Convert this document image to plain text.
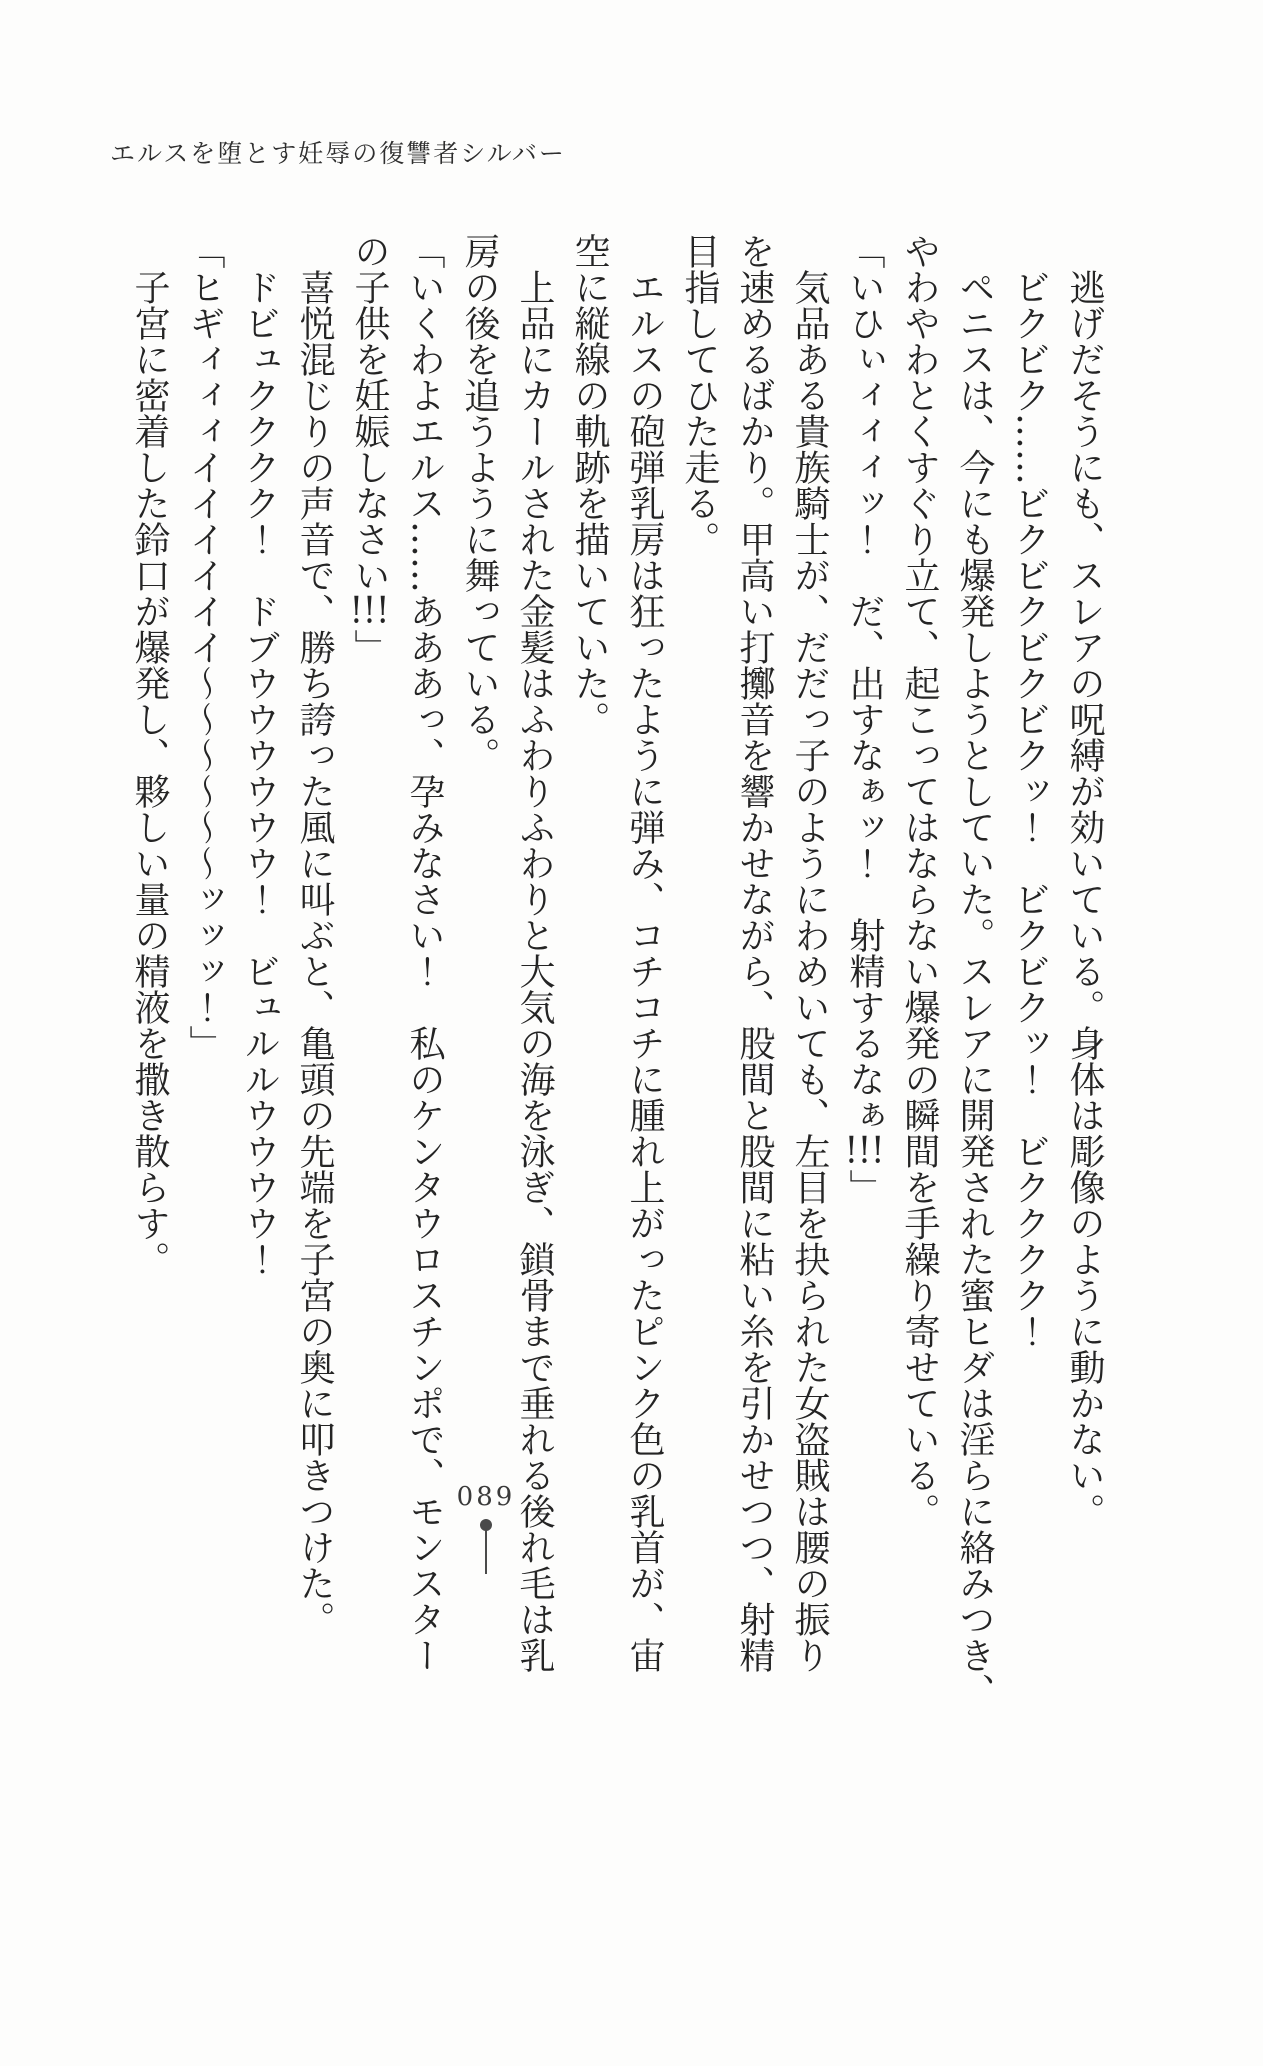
エルスを堕とす妊辱の復讐者シルバー
　逃げだそうにも、スレアの呪縛が効いている。身体は彫像のように動かない。
　ビクビク……ビクビクビクビクッ！　ビクビクッ！　ビクククク！
　ペニスは、今にも爆発しようとしていた。スレアに開発された蜜ヒダは淫らに絡みつき、
やわやわとくすぐり立て、起こってはならない爆発の瞬間を手繰り寄せている。
「いひぃィィィッ！　だ、出すなぁッ！　射精するなぁ!!!」
　気品ある貴族騎士が、だだっ子のようにわめいても、左目を抉られた女盗賊は腰の振り
を速めるばかり。甲高い打擲音を響かせながら、股間と股間に粘い糸を引かせつつ、射精
目指してひた走る。
　エルスの砲弾乳房は狂ったように弾み、コチコチに腫れ上がったピンク色の乳首が、宙
空に縦線の軌跡を描いていた。
　上品にカールされた金髪はふわりふわりと大気の海を泳ぎ、鎖骨まで垂れる後れ毛は乳
房の後を追うように舞っている。
「いくわよエルス……あああっ、孕みなさい！　私のケンタウロスチンポで、モンスター
の子供を妊娠しなさい!!!」
　喜悦混じりの声音で、勝ち誇った風に叫ぶと、亀頭の先端を子宮の奥に叩きつけた。
　ドビュクククク！　ドブウウウウウウ！　ビュルルウウウウ！
「ヒギィィィイイイイイイ～～～～～～ッッッ！」
　子宮に密着した鈴口が爆発し、夥しい量の精液を撒き散らす。
089
